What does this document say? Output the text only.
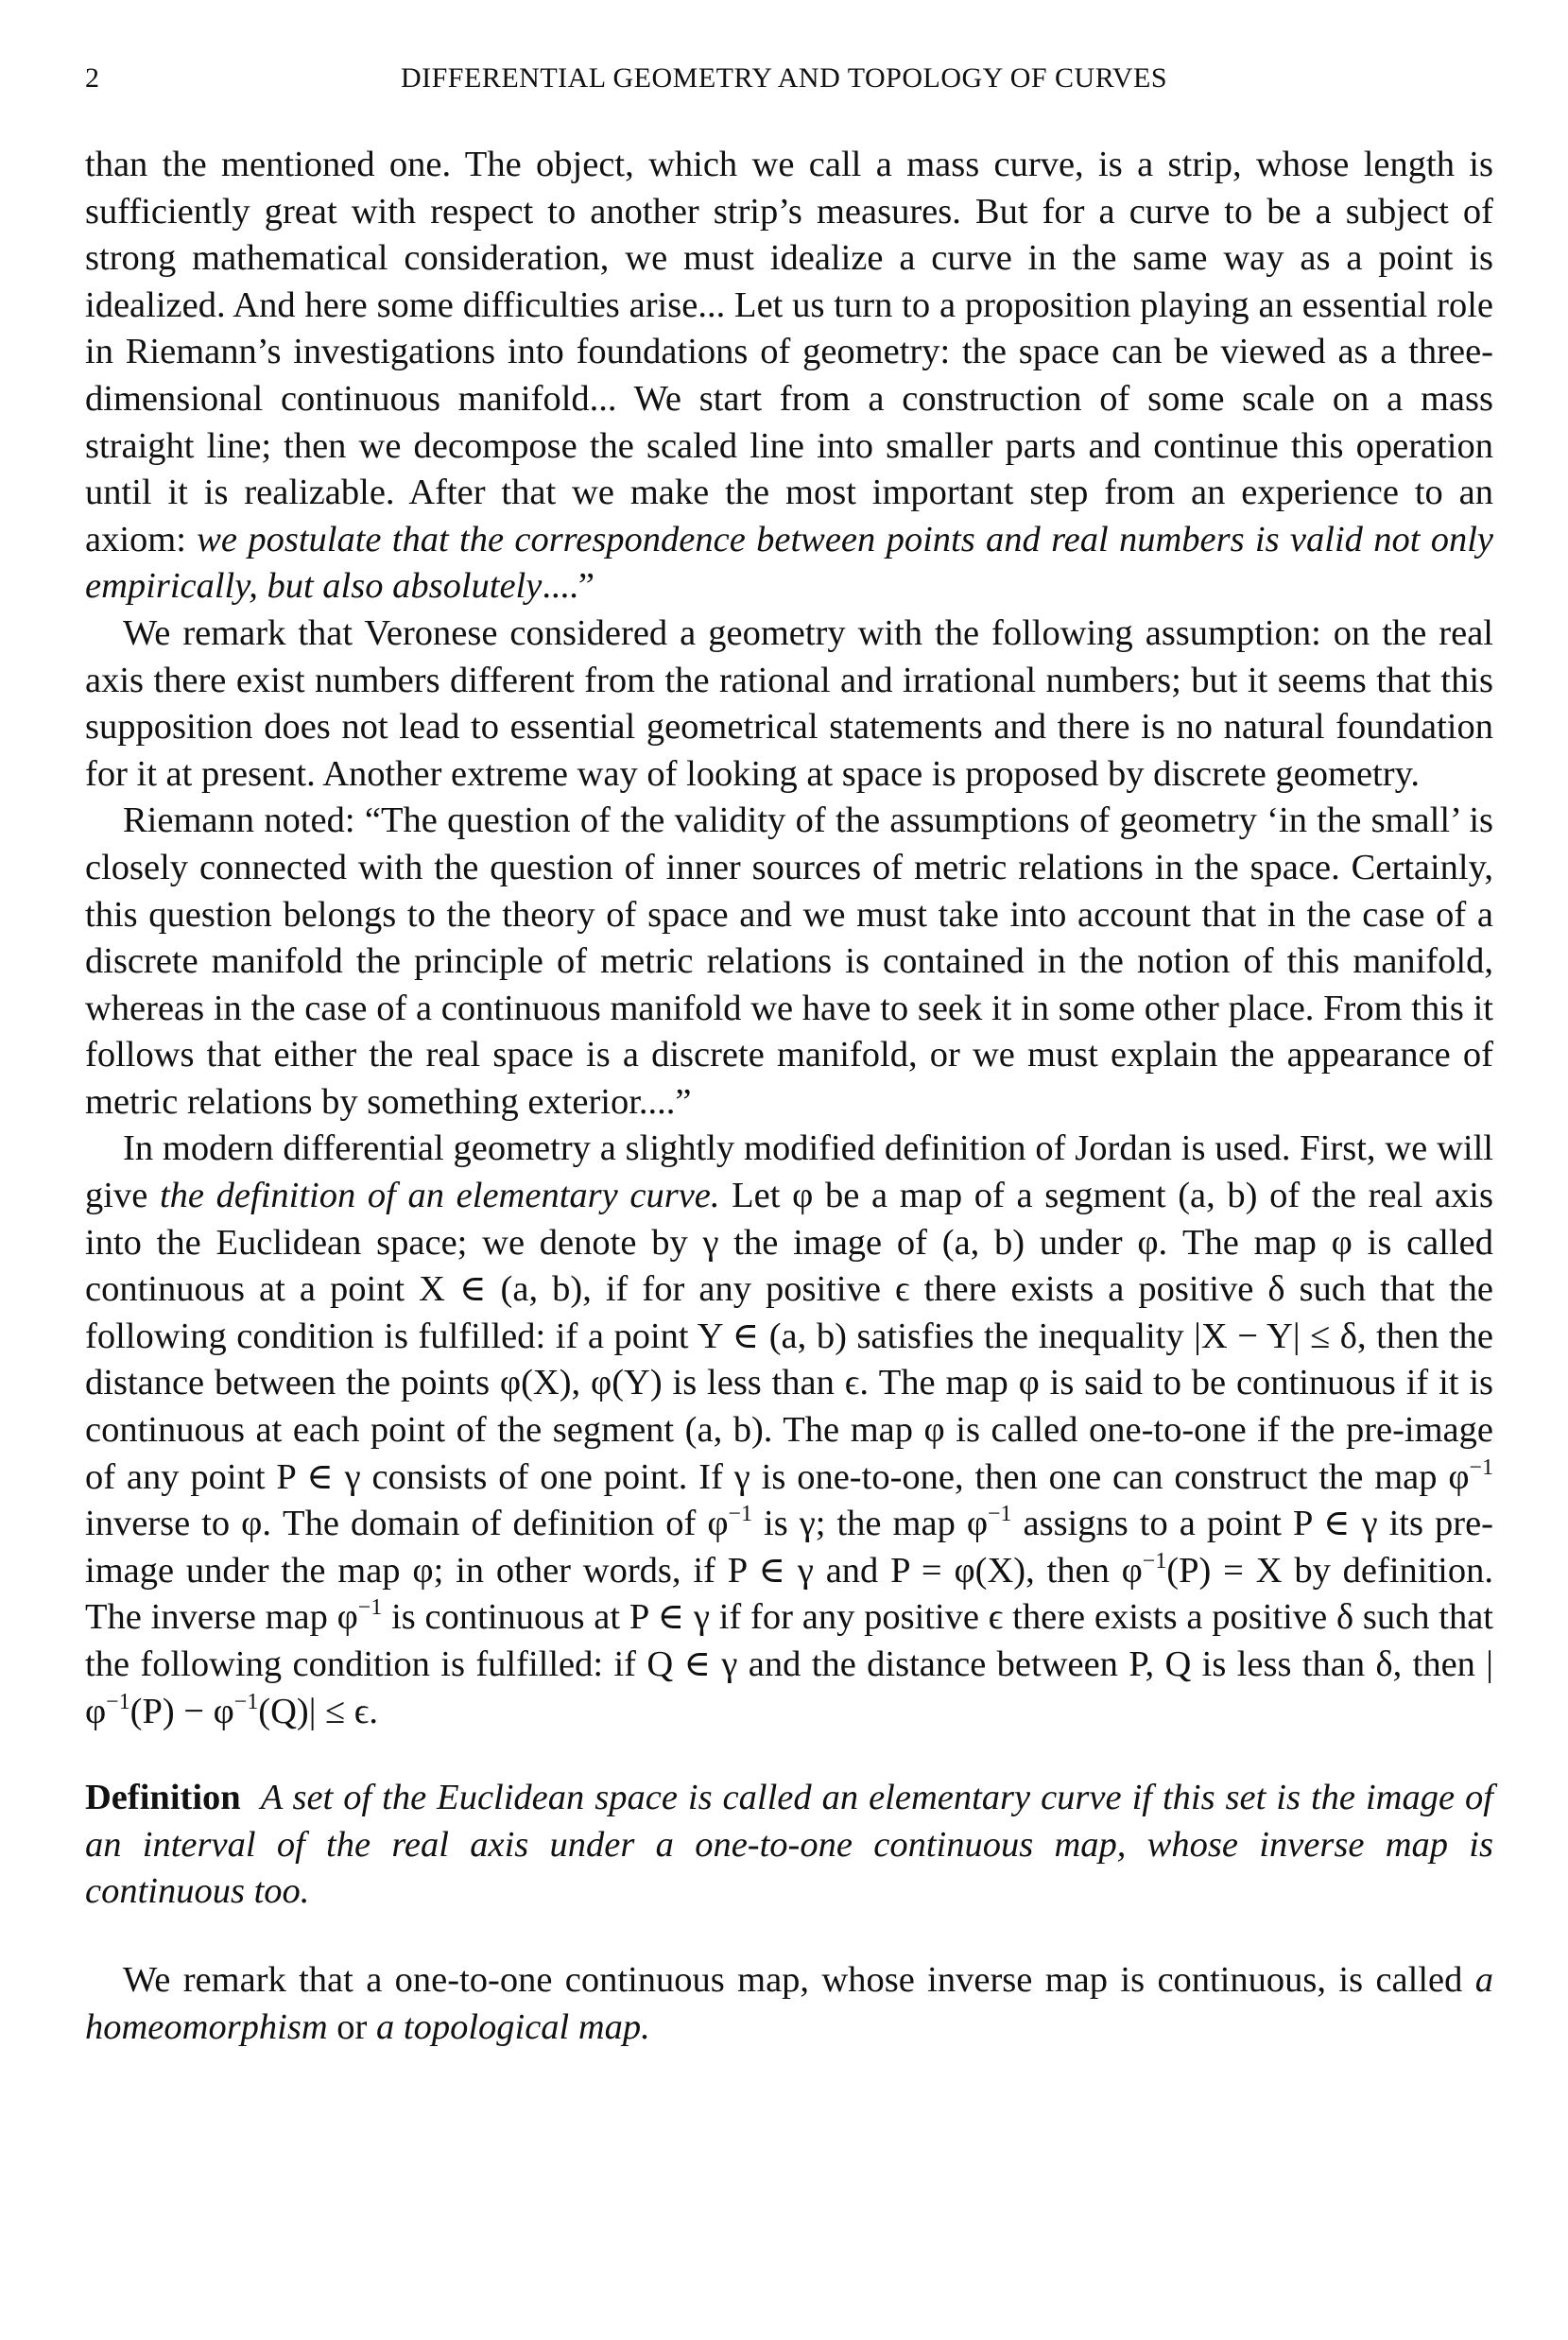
DIFFERENTIAL GEOMETRY AND TOPOLOGY OF CURVES
2

than the mentioned one. The object, which we call a mass curve, is a strip, whose length is sufficiently great with respect to another strip’s measures. But for a curve to be a subject of strong mathematical consideration, we must idealize a curve in the same way as a point is idealized. And here some difficulties arise... Let us turn to a proposition playing an essential role in Riemann’s investigations into foundations of geometry: the space can be viewed as a three-dimensional continuous manifold... We start from a construction of some scale on a mass straight line; then we decompose the scaled line into smaller parts and continue this operation until it is realizable. After that we make the most important step from an experience to an axiom: we postulate that the correspondence between points and real numbers is valid not only empirically, but also absolutely....”

We remark that Veronese considered a geometry with the following assumption: on the real axis there exist numbers different from the rational and irrational numbers; but it seems that this supposition does not lead to essential geometrical statements and there is no natural foundation for it at present. Another extreme way of looking at space is proposed by discrete geometry.

Riemann noted: “The question of the validity of the assumptions of geometry ‘in the small’ is closely connected with the question of inner sources of metric relations in the space. Certainly, this question belongs to the theory of space and we must take into account that in the case of a discrete manifold the principle of metric relations is contained in the notion of this manifold, whereas in the case of a continuous manifold we have to seek it in some other place. From this it follows that either the real space is a discrete manifold, or we must explain the appearance of metric relations by something exterior....”

In modern differential geometry a slightly modified definition of Jordan is used. First, we will give the definition of an elementary curve. Let φ be a map of a segment (a, b) of the real axis into the Euclidean space; we denote by γ the image of (a, b) under φ. The map φ is called continuous at a point X ∈ (a, b), if for any positive ϵ there exists a positive δ such that the following condition is fulfilled: if a point Y ∈ (a, b) satisfies the inequality |X − Y| ≤ δ, then the distance between the points φ(X), φ(Y) is less than ϵ. The map φ is said to be continuous if it is continuous at each point of the segment (a, b). The map φ is called one-to-one if the pre-image of any point P ∈ γ consists of one point. If γ is one-to-one, then one can construct the map $\varphi^{-1}$ inverse to φ. The domain of definition of $\varphi^{-1}$ is γ; the map $\varphi^{-1}$ assigns to a point P ∈ γ its pre-image under the map φ; in other words, if P ∈ γ and P = φ(X), then $\varphi^{-1}(P) = X$ by definition. The inverse map $\varphi^{-1}$ is continuous at P ∈ γ if for any positive ϵ there exists a positive δ such that the following condition is fulfilled: if Q ∈ γ and the distance between P, Q is less than δ, then $|\varphi^{-1}(P) - \varphi^{-1}(Q)| \le \epsilon$.

Definition A set of the Euclidean space is called an elementary curve if this set is the image of an interval of the real axis under a one-to-one continuous map, whose inverse map is continuous too.

We remark that a one-to-one continuous map, whose inverse map is continuous, is called a homeomorphism or a topological map.
